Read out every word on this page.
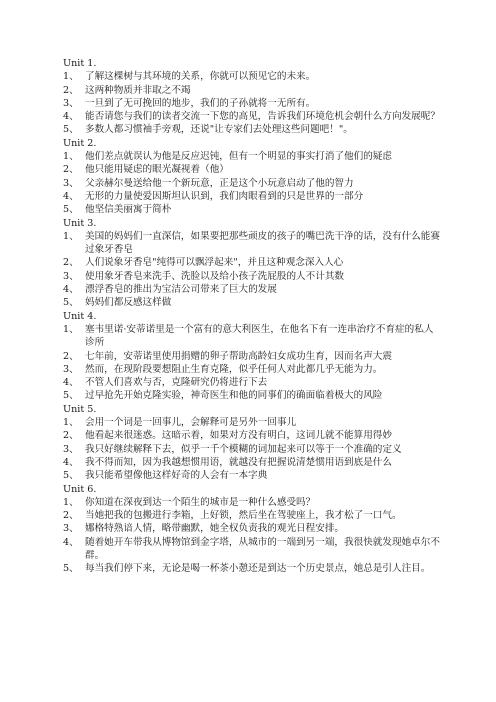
Unit 1.
1、 了解这棵树与其环境的关系，你就可以预见它的未来。
2、 这两种物质并非取之不竭
3、 一旦到了无可挽回的地步，我们的子孙就将一无所有。
4、 能否请您与我们的读者交流一下您的高见，告诉我们环境危机会朝什么方向发展呢？
5、 多数人都习惯袖手旁观，还说"让专家们去处理这些问题吧！"。
Unit 2.
1、 他们差点就误认为他是反应迟钝，但有一个明显的事实打消了他们的疑虑
2、 他只能用疑虑的眼光凝视着（他）
3、 父亲赫尔曼送给他一个新玩意，正是这个小玩意启动了他的智力
4、 无形的力量使爱因斯坦认识到，我们肉眼看到的只是世界的一部分
5、 他坚信美丽寓于简朴
Unit 3.
1、 美国的妈妈们一直深信，如果要把那些顽皮的孩子的嘴巴洗干净的话，没有什么能赛过象牙香皂
2、 人们说象牙香皂"纯得可以飘浮起来"，并且这种观念深入人心
3、 使用象牙香皂来洗手、洗脸以及给小孩子洗屁股的人不计其数
4、 漂浮香皂的推出为宝洁公司带来了巨大的发展
5、 妈妈们都反感这样做
Unit 4.
1、 塞韦里诺·安蒂诺里是一个富有的意大利医生，在他名下有一连串治疗不育症的私人诊所
2、 七年前，安蒂诺里使用捐赠的卵子帮助高龄妇女成功生育，因而名声大震
3、 然而，在现阶段要想阻止生育克隆，似乎任何人对此都几乎无能为力。
4、 不管人们喜欢与否，克隆研究仍将进行下去
5、 过早抢先开始克隆实验，神奇医生和他的同事们的确面临着极大的风险
Unit 5.
1、 会用一个词是一回事儿，会解释可是另外一回事儿
2、 他看起来很迷惑。这暗示着，如果对方没有明白，这词儿就不能算用得妙
3、 我只好继续解释下去，似乎一千个模糊的词加起来可以等于一个准确的定义
4、 我不得而知，因为我越想惯用语，就越没有把握说清楚惯用语到底是什么
5、 我只能希望像他这样好奇的人会有一本字典
Unit 6.
1、 你知道在深夜到达一个陌生的城市是一种什么感受吗？
2、 当她把我的包搬进行李箱，上好锁，然后坐在驾驶座上，我才松了一口气。
3、 娜格特熟谙人情，略带幽默，她全权负责我的观光日程安排。
4、 随着她开车带我从博物馆到金字塔，从城市的一端到另一端，我很快就发现她卓尔不群。
5、 每当我们停下来，无论是喝一杯茶小憩还是到达一个历史景点，她总是引人注目。
